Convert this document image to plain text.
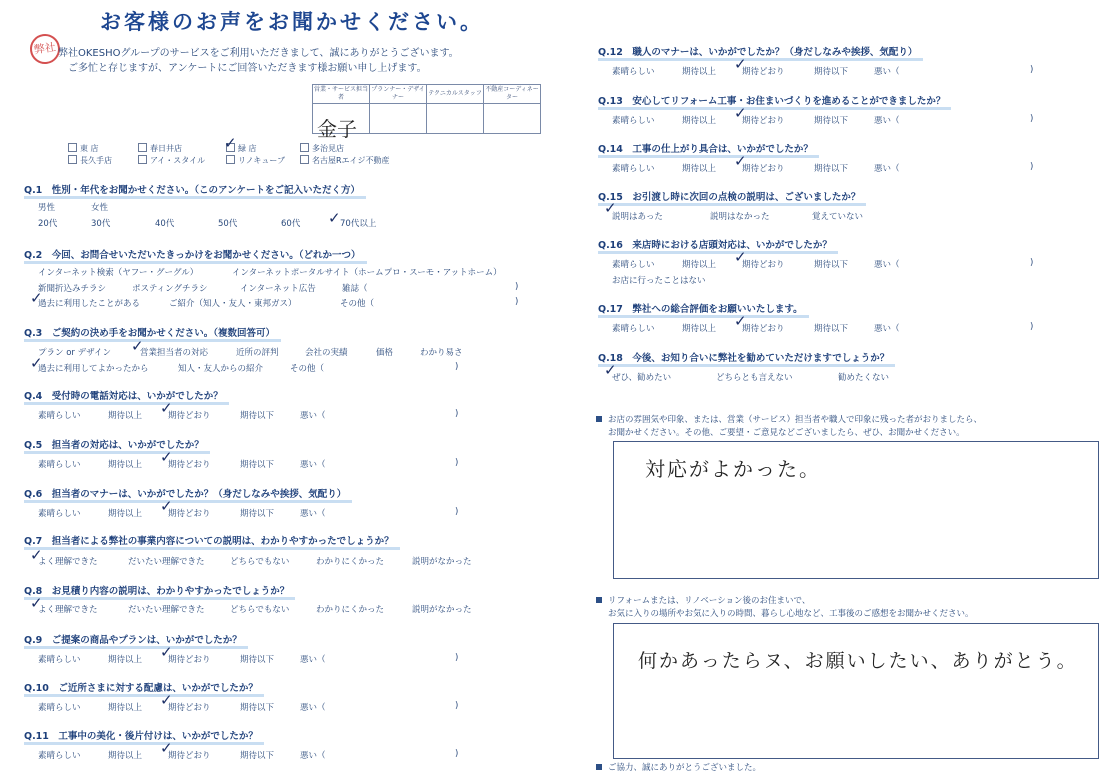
お客様のお声をお聞かせください。
弊社 弊社OKESHOグループのサービスをご利用いただきまして、誠にありがとうございます。
ご多忙と存じますが、アンケートにご回答いただきます様お願い申し上げます。
営業・サービス担当者	プランナー・デザイナー	テクニカルスタッフ	不動産コーディネーター

金子
東 店	春日井店	緑 店	多治見店
長久手店	アイ・スタイル	リノキューブ	名古屋Rエイジ不動産
✓
Q.1　性別・年代をお聞かせください。（このアンケートをご記入いただく方）
男性	女性
20代	30代	40代	50代	60代	70代以上
✓
Q.2　今回、お問合せいただいたきっかけをお聞かせください。（どれか一つ）
インターネット検索（ヤフー・グーグル）	インターネットポータルサイト（ホームプロ・スーモ・アットホーム）
新聞折込みチラシ	ポスティングチラシ	インターネット広告	雑誌（	)
過去に利用したことがある	ご紹介（知人・友人・東邦ガス）	その他（	)
✓
Q.3　ご契約の決め手をお聞かせください。（複数回答可）
プラン or デザイン	営業担当者の対応	近所の評判	会社の実績	価格	わかり易さ
過去に利用してよかったから	知人・友人からの紹介	その他（	)
✓
✓
Q.4　受付時の電話対応は、いかがでしたか？
素晴らしい	期待以上	期待どおり	期待以下	悪い（	)
✓
Q.5　担当者の対応は、いかがでしたか？
素晴らしい	期待以上	期待どおり	期待以下	悪い（	)
✓
Q.6　担当者のマナーは、いかがでしたか？（身だしなみや挨拶、気配り）
素晴らしい	期待以上	期待どおり	期待以下	悪い（	)
✓
Q.9　ご提案の商品やプランは、いかがでしたか？
素晴らしい	期待以上	期待どおり	期待以下	悪い（	)
✓
Q.10　ご近所さまに対する配慮は、いかがでしたか？
素晴らしい	期待以上	期待どおり	期待以下	悪い（	)
✓
Q.11　工事中の美化・後片付けは、いかがでしたか？
素晴らしい	期待以上	期待どおり	期待以下	悪い（	)
✓
Q.12　職人のマナーは、いかがでしたか？（身だしなみや挨拶、気配り）
素晴らしい	期待以上	期待どおり	期待以下	悪い（	)
✓
Q.13　安心してリフォーム工事・お住まいづくりを進めることができましたか？
素晴らしい	期待以上	期待どおり	期待以下	悪い（	)
✓
Q.14　工事の仕上がり具合は、いかがでしたか？
素晴らしい	期待以上	期待どおり	期待以下	悪い（	)
✓
Q.16　来店時における店頭対応は、いかがでしたか？
素晴らしい	期待以上	期待どおり	期待以下	悪い（	)
✓
Q.17　弊社への総合評価をお願いいたします。
素晴らしい	期待以上	期待どおり	期待以下	悪い（	)
✓
Q.7　担当者による弊社の事業内容についての説明は、わかりやすかったでしょうか？
よく理解できた	だいたい理解できた	どちらでもない	わかりにくかった	説明がなかった
✓
Q.8　お見積り内容の説明は、わかりやすかったでしょうか？
よく理解できた	だいたい理解できた	どちらでもない	わかりにくかった	説明がなかった
✓
Q.15　お引渡し時に次回の点検の説明は、ございましたか？
説明はあった	説明はなかった	覚えていない
✓
お店に行ったことはない
Q.18　今後、お知り合いに弊社を勧めていただけますでしょうか？
ぜひ、勧めたい	どちらとも言えない	勧めたくない
✓
お店の雰囲気や印象、または、営業（サービス）担当者や職人で印象に残った者がおりましたら、
お聞かせください。その他、ご要望・ご意見などございましたら、ぜひ、お聞かせください。
対応がよかった。
リフォームまたは、リノベーション後のお住まいで、
お気に入りの場所やお気に入りの時間、暮らし心地など、工事後のご感想をお聞かせください。
何かあったらヌ、お願いしたい、ありがとう。
ご協力、誠にありがとうございました。
